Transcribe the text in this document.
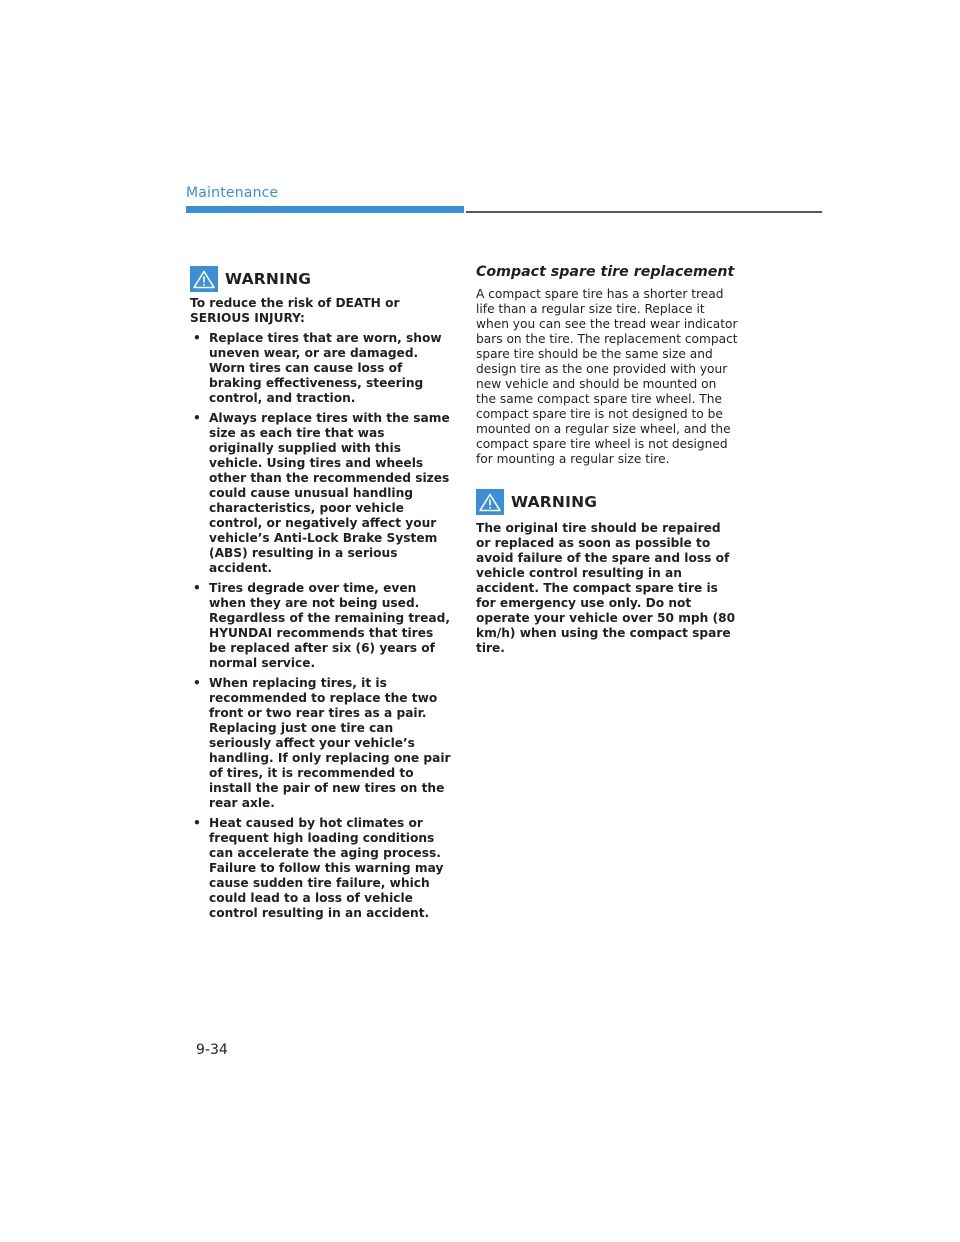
Maintenance
WARNING

To reduce the risk of DEATH or SERIOUS INJURY:

• Replace tires that are worn, show uneven wear, or are damaged. Worn tires can cause loss of braking effectiveness, steering control, and traction.
• Always replace tires with the same size as each tire that was originally supplied with this vehicle. Using tires and wheels other than the recommended sizes could cause unusual handling characteristics, poor vehicle control, or negatively affect your vehicle’s Anti-Lock Brake System (ABS) resulting in a serious accident.
• Tires degrade over time, even when they are not being used. Regardless of the remaining tread, HYUNDAI recommends that tires be replaced after six (6) years of normal service.
• When replacing tires, it is recommended to replace the two front or two rear tires as a pair. Replacing just one tire can seriously affect your vehicle’s handling. If only replacing one pair of tires, it is recommended to install the pair of new tires on the rear axle.
• Heat caused by hot climates or frequent high loading conditions can accelerate the aging process. Failure to follow this warning may cause sudden tire failure, which could lead to a loss of vehicle control resulting in an accident.
Compact spare tire replacement

A compact spare tire has a shorter tread life than a regular size tire. Replace it when you can see the tread wear indicator bars on the tire. The replacement compact spare tire should be the same size and design tire as the one provided with your new vehicle and should be mounted on the same compact spare tire wheel. The compact spare tire is not designed to be mounted on a regular size wheel, and the compact spare tire wheel is not designed for mounting a regular size tire.

WARNING

The original tire should be repaired or replaced as soon as possible to avoid failure of the spare and loss of vehicle control resulting in an accident. The compact spare tire is for emergency use only. Do not operate your vehicle over 50 mph (80 km/h) when using the compact spare tire.

9-34
